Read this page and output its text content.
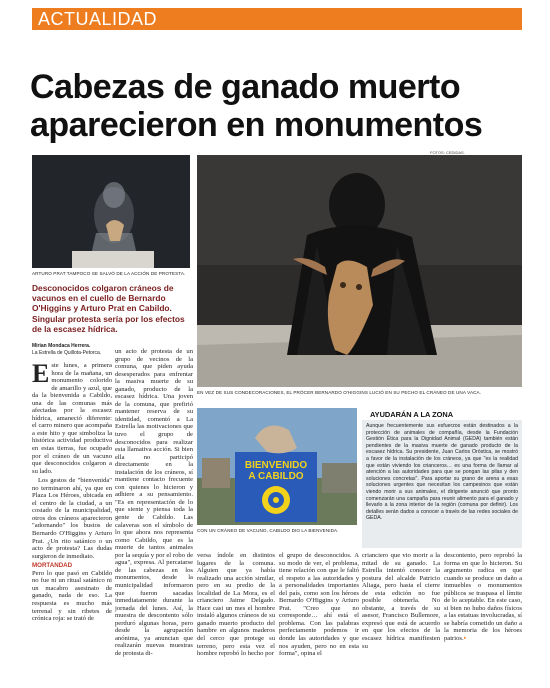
ACTUALIDAD
Cabezas de ganado muerto aparecieron en monumentos
FOTOS: CEDIDAS.
ARTURO PRAT TAMPOCO SE SALVÓ DE LA ACCIÓN DE PROTESTA.
EN VEZ DE SUS CONDECORACIONES, EL PRÓCER BERNARDO O'HIGGINS LUCIÓ EN SU PECHO EL CRÁNEO DE UNA VACA.
Desconocidos colgaron cráneos de vacunos en el cuello de Bernardo O'Higgins y Arturo Prat en Cabildo. Singular protesta sería por los efectos de la escasez hídrica.
Mirian Mondaca Herrera.
La Estrella de Quillota-Petorca.
Este lunes, a primera hora de la mañana, un monumento colorido de amarillo y azul, que da la bienvenida a Cabildo, una de las comunas más afectadas por la escasez hídrica, amaneció diferente: el carro minero que acompaña a este hito y que simboliza la histórica actividad productiva en estas tierras, fue ocupado por el cráneo de un vacuno que desconocidos colgaron a su lado.

Los gestos de "bienvenida" no terminaron ahí, ya que en Plaza Los Héroes, ubicada en el centro de la ciudad, a un costado de la municipalidad, otros dos cráneos aparecieron "adornando" los bustos de Bernardo O'Higgins y Arturo Prat. ¿Un rito satánico o un acto de protesta? Las dudas surgieron de inmediato.
MORTANDAD
Pero lo que pasó en Cabildo no fue ni un ritual satánico ni un macabro asesinato de ganado, nada de eso. La respuesta es mucho más terrenal y sin ribetes de crónica roja: se trató de
un acto de protesta de un grupo de vecinos de la comuna, que piden ayuda desesperados para enfrentar la masiva muerte de su ganado, producto de la escasez hídrica. Una joven de la comuna, que prefirió mantener reserva de su identidad, comentó a La Estrella las motivaciones que tuvo el grupo de desconocidos para realizar esta llamativa acción. Si bien ella no participó directamente en la instalación de los cráneos, sí mantiene contacto frecuente con quienes lo hicieron y adhiere a su pensamiento. "Es en representación de lo que siente y piensa toda la gente de Cabildo. Las calaveras son el símbolo de lo que ahora nos representa como Cabildo, que es la muerte de tantos animales por la sequía y por el robo de agua", expresa. Al percatarse de las cabezas en los monumentos, desde la municipalidad informaron que fueron sacadas inmediatamente durante la jornada del lunes. Así, la muestra de descontento sólo perduró algunas horas, pero desde la agrupación anónima, ya anuncian que realizarán nuevas muestras de protesta di-
BIENVENIDO
A CABILDO
CON UN CRÁNEO DE VACUNO, CABILDO DIO LA BIENVENIDA.
AYUDARÁN A LA ZONA
Aunque frecuentemente sus esfuerzos están destinados a la protección de animales de compañía, desde la Fundación Gestión Ética para la Dignidad Animal (GEDA) también están pendientes de la masiva muerte de ganado producto de la escasez hídrica. Su presidente, Juan Carlos Oróstica, se mostró a favor de la instalación de los cráneos, ya que "es la realidad que están viviendo los crianceros… es una forma de llamar al atención a las autoridades para que se pongan las pilas y den soluciones concretas". Para aportar su grano de arena a esas soluciones urgentes que necesitan los campesinos que están viendo morir a sus animales, el dirigente anunció que pronto comenzarán una campaña para reunir alimento para el ganado y llevarlo a la zona interior de la región (comuna por definir). Los detalles serán dados a conocer a través de las redes sociales de GEDA.
versa índole en distintos lugares de la comuna. Alguien que ya había realizado una acción similar, pero en su predio de la localidad de La Mora, es el crianciero Jaime Delgado. Hace casi un mes el hombre instaló algunos cráneos de su ganado muerto producto del hambre en algunos maderos del cerco que protege su terreno, pero esta vez el hombre reprobó lo hecho por
el grupo de desconocidos. A su modo de ver, el problema, tiene relación con que le faltó el respeto a las autoridades y a personalidades importantes del país, como son los héroes Bernardo O'Higgins y Arturo Prat. "Creo que no corresponde… ahí está el problema. Con las palabras perfectamente podemos ir donde las autoridades y que nos ayuden, pero no en esta forma", opina el
crianciero que vio morir a la mitad de su ganado. La Estrella intentó conocer la postura del alcalde Patricio Aliaga, pero hasta el cierre de esta edición no fue posible obtenerla. No obstante, a través de su asesor, Francisco Bullemore, expresó que está de acuerdo en que los efectos de la escasez hídrica manifiesten su
descontento, pero reprobó la forma en que lo hicieron. Su argumento radica en que cuando se produce un daño a inmuebles o monumentos públicos se traspasa el límite de lo aceptable. En este caso, si bien no hubo daños físicos a las estatuas involucradas, sí se habría cometido un daño a la memoria de los héroes patrios.▪
